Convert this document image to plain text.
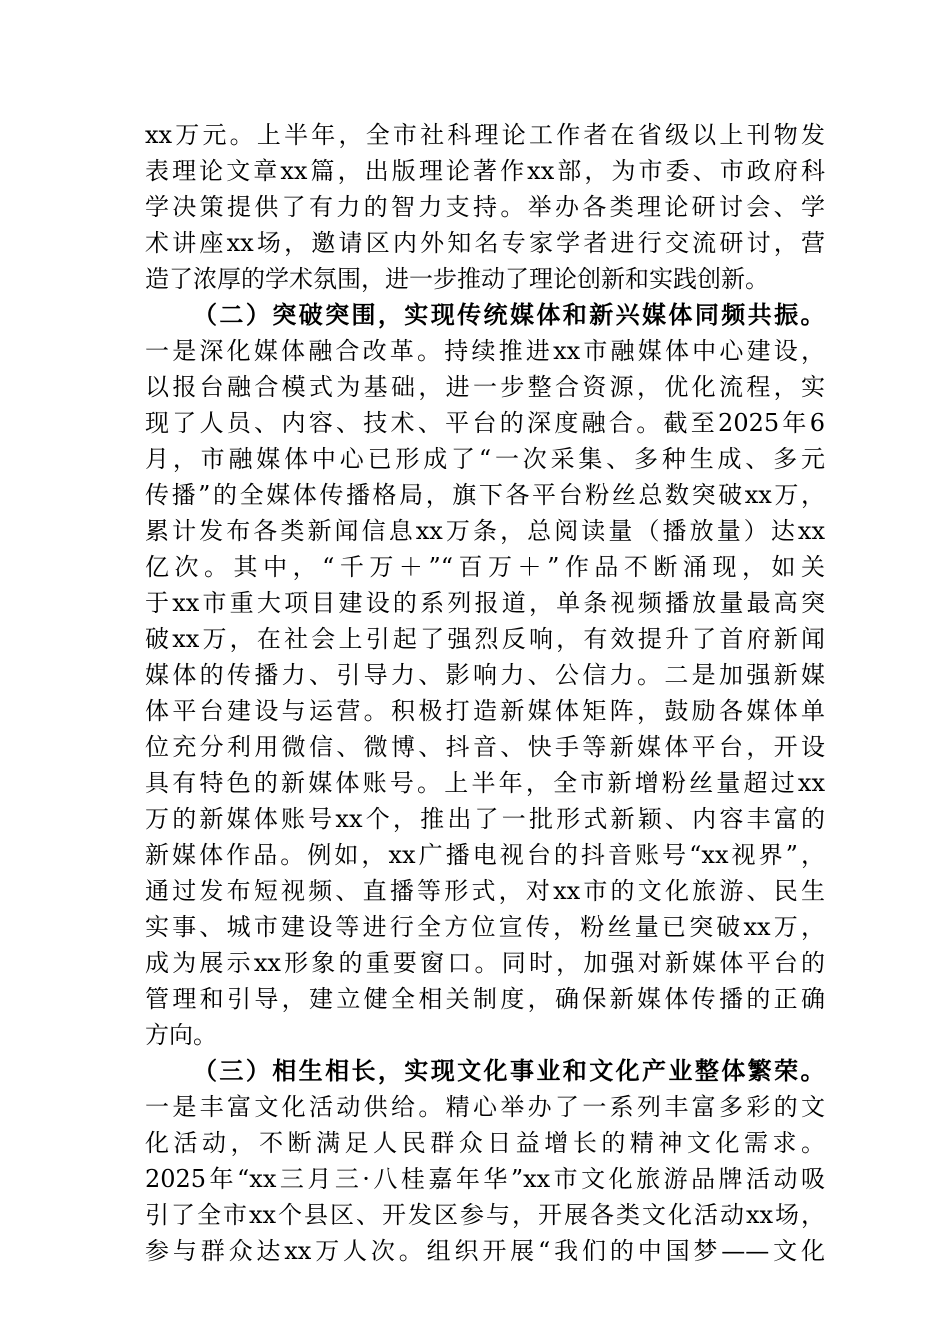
xx万元。上半年，全市社科理论工作者在省级以上刊物发
表理论文章xx篇，出版理论著作xx部，为市委、市政府科
学决策提供了有力的智力支持。举办各类理论研讨会、学
术讲座xx场，邀请区内外知名专家学者进行交流研讨，营
造了浓厚的学术氛围，进一步推动了理论创新和实践创新。
（二）突破突围，实现传统媒体和新兴媒体同频共振。
一是深化媒体融合改革。持续推进xx市融媒体中心建设，
以报台融合模式为基础，进一步整合资源，优化流程，实
现了人员、内容、技术、平台的深度融合。截至2025年6
月，市融媒体中心已形成了“一次采集、多种生成、多元
传播”的全媒体传播格局，旗下各平台粉丝总数突破xx万，
累计发布各类新闻信息xx万条，总阅读量（播放量）达xx
亿次。其中，“千万＋”“百万＋”作品不断涌现，如关
于xx市重大项目建设的系列报道，单条视频播放量最高突
破xx万，在社会上引起了强烈反响，有效提升了首府新闻
媒体的传播力、引导力、影响力、公信力。二是加强新媒
体平台建设与运营。积极打造新媒体矩阵，鼓励各媒体单
位充分利用微信、微博、抖音、快手等新媒体平台，开设
具有特色的新媒体账号。上半年，全市新增粉丝量超过xx
万的新媒体账号xx个，推出了一批形式新颖、内容丰富的
新媒体作品。例如，xx广播电视台的抖音账号“xx视界”，
通过发布短视频、直播等形式，对xx市的文化旅游、民生
实事、城市建设等进行全方位宣传，粉丝量已突破xx万，
成为展示xx形象的重要窗口。同时，加强对新媒体平台的
管理和引导，建立健全相关制度，确保新媒体传播的正确
方向。
（三）相生相长，实现文化事业和文化产业整体繁荣。
一是丰富文化活动供给。精心举办了一系列丰富多彩的文
化活动，不断满足人民群众日益增长的精神文化需求。
2025年“xx三月三·八桂嘉年华”xx市文化旅游品牌活动吸
引了全市xx个县区、开发区参与，开展各类文化活动xx场，
参与群众达xx万人次。组织开展“我们的中国梦——文化
